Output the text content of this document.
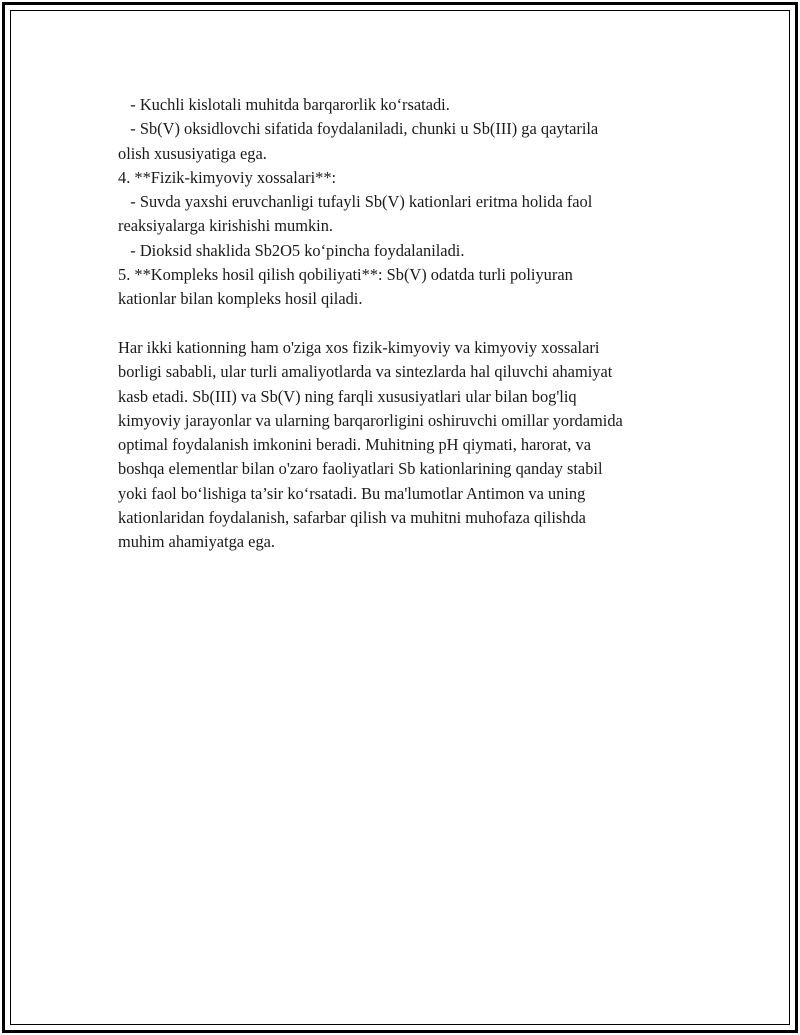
- Kuchli kislotali muhitda barqarorlik ko‘rsatadi.
- Sb(V) oksidlovchi sifatida foydalaniladi, chunki u Sb(III) ga qaytarila
olish xususiyatiga ega.
4. **Fizik-kimyoviy xossalari**:
- Suvda yaxshi eruvchanligi tufayli Sb(V) kationlari eritma holida faol
reaksiyalarga kirishishi mumkin.
- Dioksid shaklida Sb2O5 ko‘pincha foydalaniladi.
5. **Kompleks hosil qilish qobiliyati**: Sb(V) odatda turli poliyuran
kationlar bilan kompleks hosil qiladi.
Har ikki kationning ham o'ziga xos fizik-kimyoviy va kimyoviy xossalari
borligi sababli, ular turli amaliyotlarda va sintezlarda hal qiluvchi ahamiyat
kasb etadi. Sb(III) va Sb(V) ning farqli xusus‌iyatlari ular bilan bog'liq
kimyoviy jarayonlar va ularning barqarorligini oshiruvchi omillar yordamida
optimal foydalanish imkonini beradi. Muhitning pH qiymati, harorat, va
boshqa elementlar bilan o'zaro faoliyatlari Sb kationlarining qanday stabil
yoki faol bo‘lishiga ta’sir ko‘rsatadi. Bu ma'lumotlar Antimon va uning
kationlaridan foydalanish, safarbar qilish va muhitni muhofaza qilishda
muhim ahamiyatga ega.
